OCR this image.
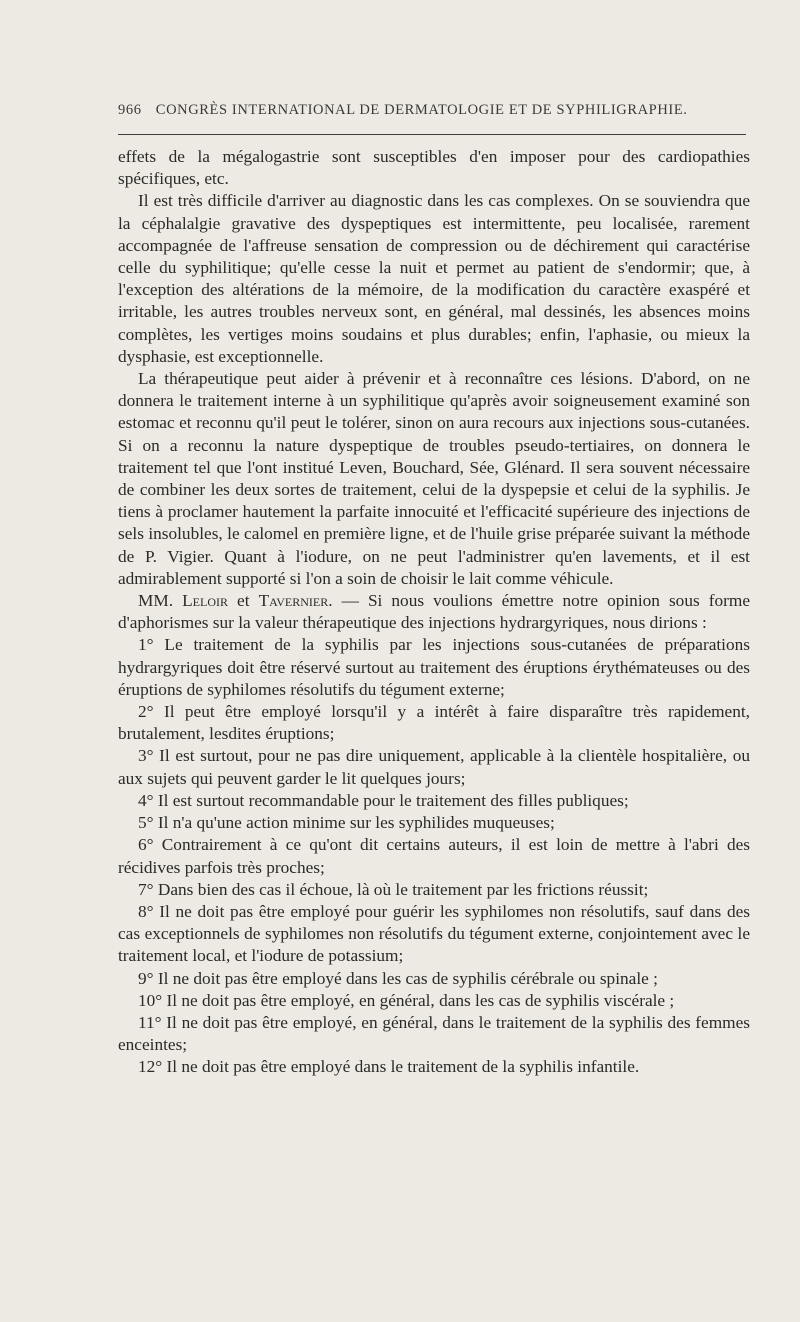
966 CONGRÈS INTERNATIONAL DE DERMATOLOGIE ET DE SYPHILIGRAPHIE.

effets de la mégalogastrie sont susceptibles d'en imposer pour des cardiopathies spécifiques, etc.

Il est très difficile d'arriver au diagnostic dans les cas complexes. On se souviendra que la céphalalgie gravative des dyspeptiques est intermittente, peu localisée, rarement accompagnée de l'affreuse sensation de compression ou de déchirement qui caractérise celle du syphilitique; qu'elle cesse la nuit et permet au patient de s'endormir; que, à l'exception des altérations de la mémoire, de la modification du caractère exaspéré et irritable, les autres troubles nerveux sont, en général, mal dessinés, les absences moins complètes, les vertiges moins soudains et plus durables; enfin, l'aphasie, ou mieux la dysphasie, est exceptionnelle.

La thérapeutique peut aider à prévenir et à reconnaître ces lésions. D'abord, on ne donnera le traitement interne à un syphilitique qu'après avoir soigneusement examiné son estomac et reconnu qu'il peut le tolérer, sinon on aura recours aux injections sous-cutanées. Si on a reconnu la nature dyspeptique de troubles pseudo-tertiaires, on donnera le traitement tel que l'ont institué Leven, Bouchard, Sée, Glénard. Il sera souvent nécessaire de combiner les deux sortes de traitement, celui de la dyspepsie et celui de la syphilis. Je tiens à proclamer hautement la parfaite innocuité et l'efficacité supérieure des injections de sels insolubles, le calomel en première ligne, et de l'huile grise préparée suivant la méthode de P. Vigier. Quant à l'iodure, on ne peut l'administrer qu'en lavements, et il est admirablement supporté si l'on a soin de choisir le lait comme véhicule.

MM. Leloir et Tavernier. — Si nous voulions émettre notre opinion sous forme d'aphorismes sur la valeur thérapeutique des injections hydrargyriques, nous dirions :

1° Le traitement de la syphilis par les injections sous-cutanées de préparations hydrargyriques doit être réservé surtout au traitement des éruptions érythémateuses ou des éruptions de syphilomes résolutifs du tégument externe;

2° Il peut être employé lorsqu'il y a intérêt à faire disparaître très rapidement, brutalement, lesdites éruptions;

3° Il est surtout, pour ne pas dire uniquement, applicable à la clientèle hospitalière, ou aux sujets qui peuvent garder le lit quelques jours;

4° Il est surtout recommandable pour le traitement des filles publiques;

5° Il n'a qu'une action minime sur les syphilides muqueuses;

6° Contrairement à ce qu'ont dit certains auteurs, il est loin de mettre à l'abri des récidives parfois très proches;

7° Dans bien des cas il échoue, là où le traitement par les frictions réussit;

8° Il ne doit pas être employé pour guérir les syphilomes non résolutifs, sauf dans des cas exceptionnels de syphilomes non résolutifs du tégument externe, conjointement avec le traitement local, et l'iodure de potassium;

9° Il ne doit pas être employé dans les cas de syphilis cérébrale ou spinale ;

10° Il ne doit pas être employé, en général, dans les cas de syphilis viscérale ;

11° Il ne doit pas être employé, en général, dans le traitement de la syphilis des femmes enceintes;

12° Il ne doit pas être employé dans le traitement de la syphilis infantile.
